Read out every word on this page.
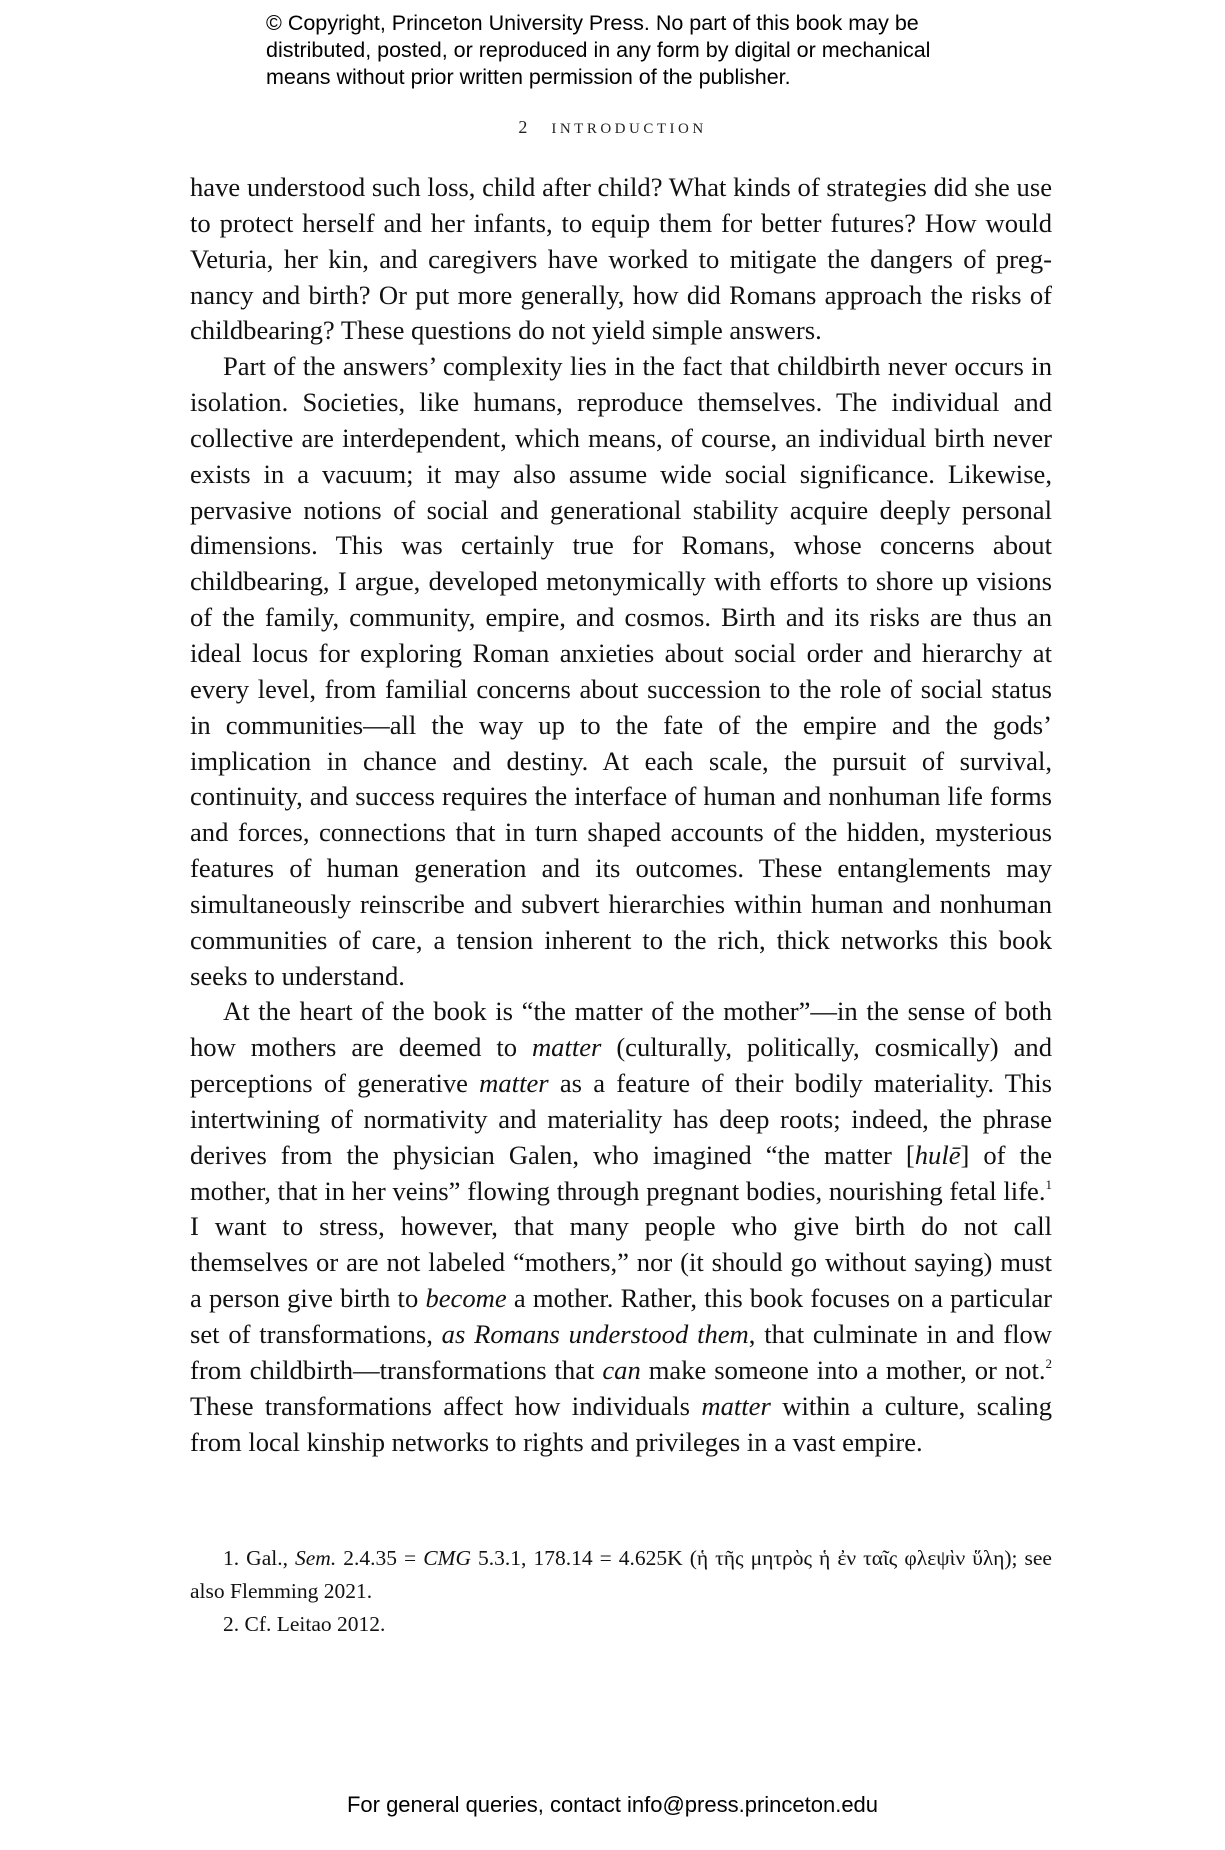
© Copyright, Princeton University Press. No part of this book may be
distributed, posted, or reproduced in any form by digital or mechanical
means without prior written permission of the publisher.
2 introduction

have understood such loss, child after child? What kinds of strategies did she use to protect herself and her infants, to equip them for better futures? How would Veturia, her kin, and caregivers have worked to mitigate the dangers of pregnancy and birth? Or put more generally, how did Romans approach the risks of childbearing? These questions do not yield simple answers.

Part of the answers’ complexity lies in the fact that childbirth never occurs in isolation. Societies, like humans, reproduce themselves. The individual and collective are interdependent, which means, of course, an individual birth never exists in a vacuum; it may also assume wide social significance. Likewise, pervasive notions of social and generational stability acquire deeply personal dimensions. This was certainly true for Romans, whose concerns about childbearing, I argue, developed metonymically with efforts to shore up visions of the family, community, empire, and cosmos. Birth and its risks are thus an ideal locus for exploring Roman anxieties about social order and hierarchy at every level, from familial concerns about succession to the role of social status in communities—all the way up to the fate of the empire and the gods’ implication in chance and destiny. At each scale, the pursuit of survival, continuity, and success requires the interface of human and nonhuman life forms and forces, connections that in turn shaped accounts of the hidden, mysterious features of human generation and its outcomes. These entanglements may simultaneously reinscribe and subvert hierarchies within human and nonhuman communities of care, a tension inherent to the rich, thick networks this book seeks to understand.

At the heart of the book is “the matter of the mother”—in the sense of both how mothers are deemed to matter (culturally, politically, cosmically) and perceptions of generative matter as a feature of their bodily materiality. This intertwining of normativity and materiality has deep roots; indeed, the phrase derives from the physician Galen, who imagined “the matter [hulē] of the mother, that in her veins” flowing through pregnant bodies, nourishing fetal life.$^1$ I want to stress, however, that many people who give birth do not call themselves or are not labeled “mothers,” nor (it should go without saying) must a person give birth to become a mother. Rather, this book focuses on a particular set of transformations, as Romans understood them, that culminate in and flow from childbirth—transformations that can make someone into a mother, or not.$^2$ These transformations affect how individuals matter within a culture, scaling from local kinship networks to rights and privileges in a vast empire.

1. Gal., Sem. 2.4.35 = CMG 5.3.1, 178.14 = 4.625K (ἡ τῆς μητρὸς ἡ ἐν ταῖς φλεψὶν ὕλη); see also Flemming 2021.

2. Cf. Leitao 2012.

For general queries, contact info@press.princeton.edu
